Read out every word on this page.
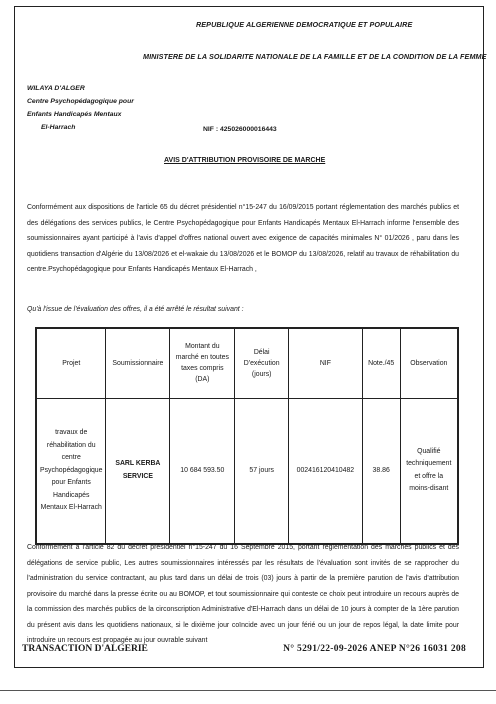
REPUBLIQUE ALGERIENNE DEMOCRATIQUE ET POPULAIRE
MINISTERE DE LA SOLIDARITE NATIONALE DE LA FAMILLE ET DE LA CONDITION DE LA FEMME
WILAYA D'ALGER
Centre Psychopédagogique pour
Enfants Handicapés Mentaux
El-Harrach	NIF : 425026000016443
AVIS D'ATTRIBUTION PROVISOIRE DE MARCHE
Conformément aux dispositions de l'article 65 du décret présidentiel n°15-247 du 16/09/2015 portant réglementation des marchés publics et des délégations des services publics, le Centre Psychopédagogique pour Enfants Handicapés Mentaux El-Harrach informe l'ensemble des soumissionnaires ayant participé à l'avis d'appel d'offres national ouvert avec exigence de capacités minimales N° 01/2026 , paru dans les quotidiens transaction d'Algérie du 13/08/2026 et el-wakaie du 13/08/2026 et le BOMOP du 13/08/2026, relatif au travaux de réhabilitation du centre.Psychopédagogique pour Enfants Handicapés Mentaux El-Harrach ,
Qu'à l'issue de l'évaluation des offres, il a été arrêté le résultat suivant :
Projet	Soumissionnaire	Montant du marché en toutes taxes compris (DA)	Délai D'exécution (jours)	NIF	Note./45	Observation
travaux de réhabilitation du centre Psychopédagogique pour Enfants Handicapés Mentaux El-Harrach	SARL KERBA SERVICE	10 684 593.50	57 jours	002416120410482	38.86	Qualifié techniquement et offre la moins-disant
Conformément à l'article 82 du décret présidentiel n°15-247 du 16 Septembre 2015, portant réglementation des marchés publics et des délégations de service public, Les autres soumissionnaires intéressés par les résultats de l'évaluation sont invités de se rapprocher du l'administration du service contractant, au plus tard dans un délai de trois (03) jours à partir de la première parution de l'avis d'attribution provisoire du marché dans la presse écrite ou au BOMOP, et tout soumissionnaire qui conteste ce choix peut introduire un recours auprès de la commission des marchés publics de la circonscription Administrative d'El-Harrach dans un délai de 10 jours à compter de la 1ère parution du présent avis dans les quotidiens nationaux, si le dixième jour coïncide avec un jour férié ou un jour de repos légal, la date limite pour introduire un recours est propagée au jour ouvrable suivant
TRANSACTION D'ALGERIE	N° 5291/22-09-2026 ANEP N°26 16031 208
